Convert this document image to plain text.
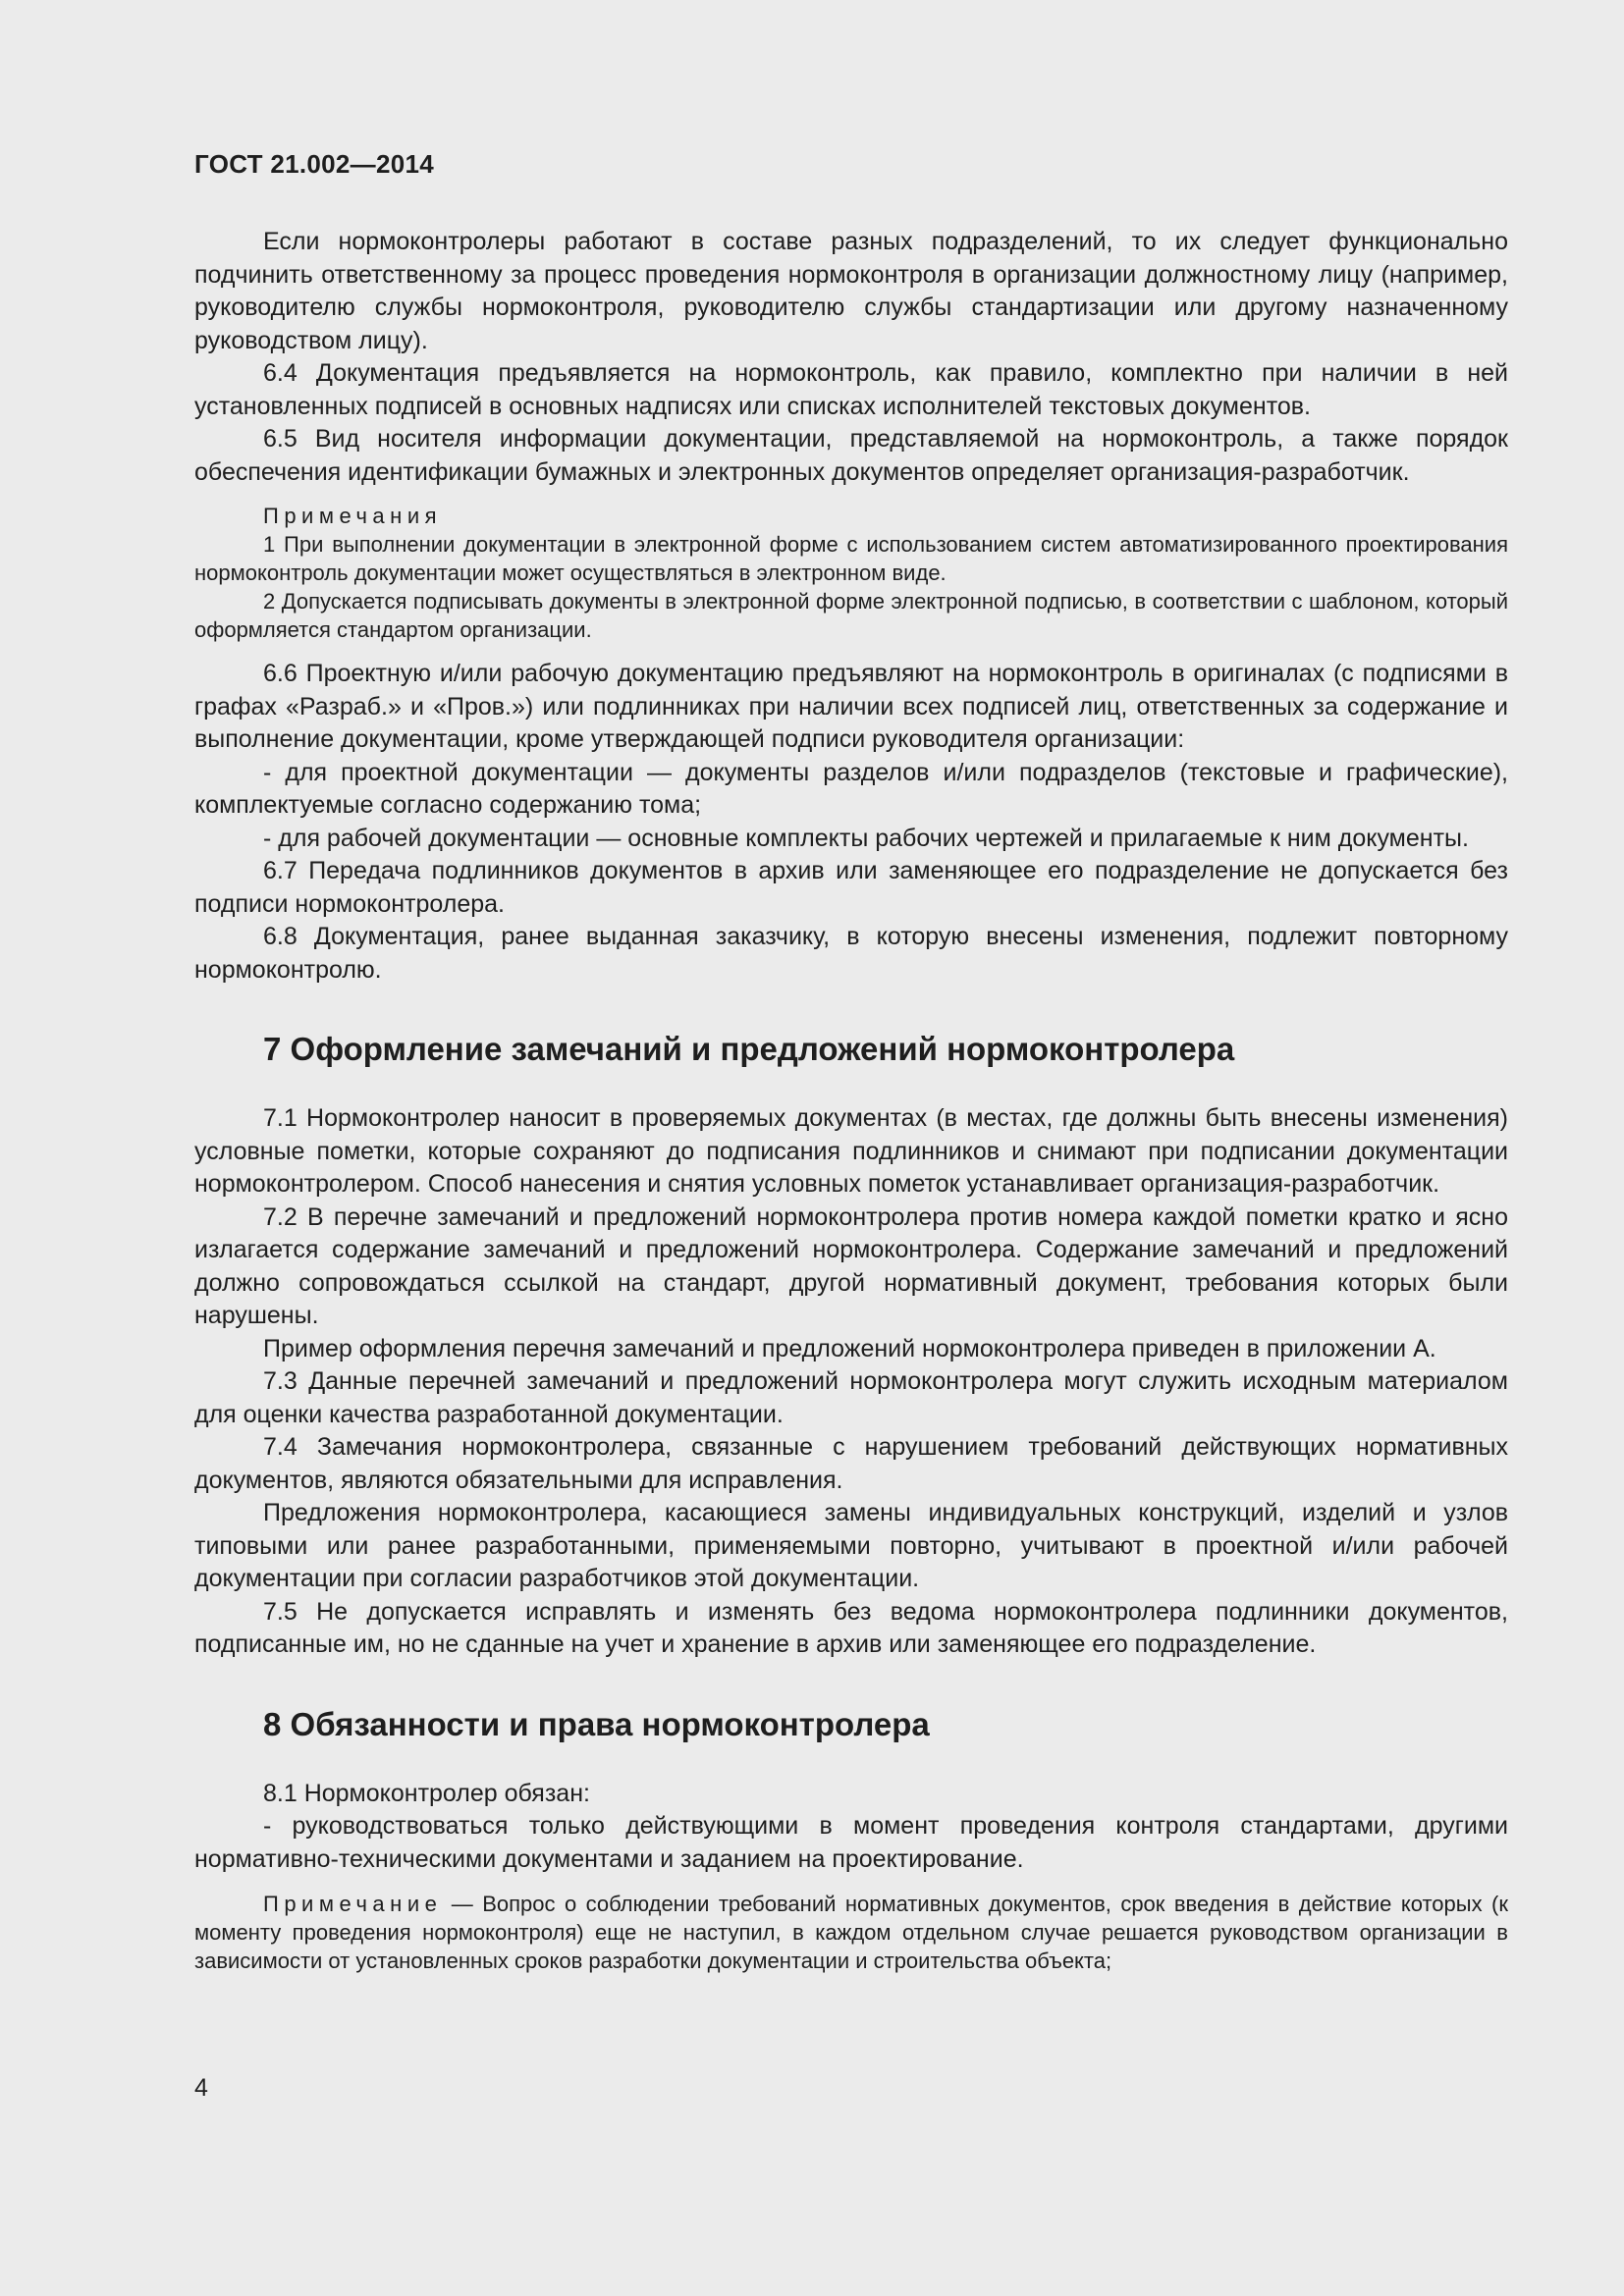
ГОСТ 21.002—2014

Если нормоконтролеры работают в составе разных подразделений, то их следует функционально подчинить ответственному за процесс проведения нормоконтроля в организации должностному лицу (например, руководителю службы нормоконтроля, руководителю службы стандартизации или другому назначенному руководством лицу).

6.4 Документация предъявляется на нормоконтроль, как правило, комплектно при наличии в ней установленных подписей в основных надписях или списках исполнителей текстовых документов.

6.5 Вид носителя информации документации, представляемой на нормоконтроль, а также порядок обеспечения идентификации бумажных и электронных документов определяет организация-разработчик.

Примечания

1 При выполнении документации в электронной форме с использованием систем автоматизированного проектирования нормоконтроль документации может осуществляться в электронном виде.

2 Допускается подписывать документы в электронной форме электронной подписью, в соответствии с шаблоном, который оформляется стандартом организации.

6.6 Проектную и/или рабочую документацию предъявляют на нормоконтроль в оригиналах (с подписями в графах «Разраб.» и «Пров.») или подлинниках при наличии всех подписей лиц, ответственных за содержание и выполнение документации, кроме утверждающей подписи руководителя организации:

- для проектной документации — документы разделов и/или подразделов (текстовые и графические), комплектуемые согласно содержанию тома;

- для рабочей документации — основные комплекты рабочих чертежей и прилагаемые к ним документы.

6.7 Передача подлинников документов в архив или заменяющее его подразделение не допускается без подписи нормоконтролера.

6.8 Документация, ранее выданная заказчику, в которую внесены изменения, подлежит повторному нормоконтролю.

7 Оформление замечаний и предложений нормоконтролера

7.1 Нормоконтролер наносит в проверяемых документах (в местах, где должны быть внесены изменения) условные пометки, которые сохраняют до подписания подлинников и снимают при подписании документации нормоконтролером. Способ нанесения и снятия условных пометок устанавливает организация-разработчик.

7.2 В перечне замечаний и предложений нормоконтролера против номера каждой пометки кратко и ясно излагается содержание замечаний и предложений нормоконтролера. Содержание замечаний и предложений должно сопровождаться ссылкой на стандарт, другой нормативный документ, требования которых были нарушены.

Пример оформления перечня замечаний и предложений нормоконтролера приведен в приложении А.

7.3 Данные перечней замечаний и предложений нормоконтролера могут служить исходным материалом для оценки качества разработанной документации.

7.4 Замечания нормоконтролера, связанные с нарушением требований действующих нормативных документов, являются обязательными для исправления.

Предложения нормоконтролера, касающиеся замены индивидуальных конструкций, изделий и узлов типовыми или ранее разработанными, применяемыми повторно, учитывают в проектной и/или рабочей документации при согласии разработчиков этой документации.

7.5 Не допускается исправлять и изменять без ведома нормоконтролера подлинники документов, подписанные им, но не сданные на учет и хранение в архив или заменяющее его подразделение.

8 Обязанности и права нормоконтролера

8.1 Нормоконтролер обязан:

- руководствоваться только действующими в момент проведения контроля стандартами, другими нормативно-техническими документами и заданием на проектирование.

Примечание — Вопрос о соблюдении требований нормативных документов, срок введения в действие которых (к моменту проведения нормоконтроля) еще не наступил, в каждом отдельном случае решается руководством организации в зависимости от установленных сроков разработки документации и строительства объекта;

4
